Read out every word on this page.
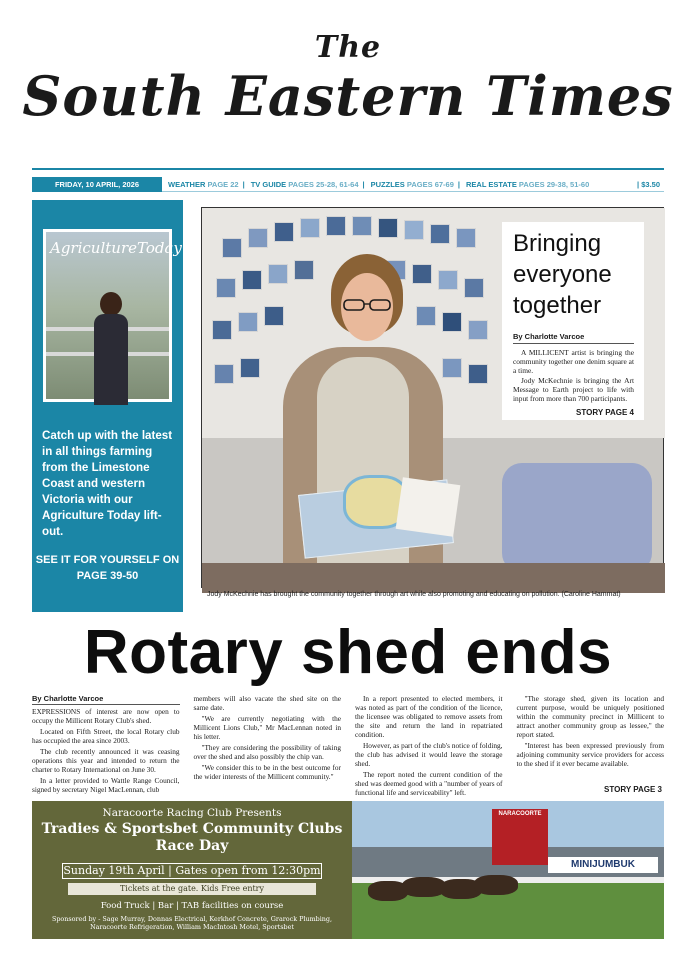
The
South Eastern Times
FRIDAY, 10 APRIL, 2026	WEATHER PAGE 22 | TV GUIDE PAGES 25-28, 61-64 | PUZZLES PAGES 67-69 | REAL ESTATE PAGES 29-38, 51-60	| $3.50
AgricultureToday
Catch up with the latest in all things farming from the Limestone Coast and western Victoria with our Agriculture Today lift-out.
SEE IT FOR YOURSELF ON PAGE 39-50
Bringing everyone together
By Charlotte Varcoe

A MILLICENT artist is bringing the community together one denim square at a time.

Jody McKechnie is bringing the Art Message to Earth project to life with input from more than 700 participants.

STORY PAGE 4
Jody McKechnie has brought the community together through art while also promoting and educating on pollution. (Caroline Hammat)
Rotary shed ends
By Charlotte Varcoe

EXPRESSIONS of interest are now open to occupy the Millicent Rotary Club's shed.

Located on Fifth Street, the local Rotary club has occupied the area since 2003.

The club recently announced it was ceasing operations this year and intended to return the charter to Rotary International on June 30.

In a letter provided to Wattle Range Council, signed by secretary Nigel MacLennan, club

members will also vacate the shed site on the same date.

"We are currently negotiating with the Millicent Lions Club," Mr MacLennan noted in his letter.

"They are considering the possibility of taking over the shed and also possibly the chip van.

"We consider this to be in the best outcome for the wider interests of the Millicent community."

In a report presented to elected members, it was noted as part of the condition of the licence, the licensee was obligated to remove assets from the site and return the land in repatriated condition.

However, as part of the club's notice of folding, the club has advised it would leave the storage shed.

The report noted the current condition of the shed was deemed good with a "number of years of functional life and serviceability" left.

"The storage shed, given its location and current purpose, would be uniquely positioned within the community precinct in Millicent to attract another community group as lessee," the report stated.

"Interest has been expressed previously from adjoining community service providers for access to the shed if it ever became available.

STORY PAGE 3
Naracoorte Racing Club Presents
Tradies & Sportsbet Community Clubs Race Day
Sunday 19th April | Gates open from 12:30pm
Tickets at the gate. Kids Free entry
Food Truck | Bar | TAB facilities on course
Sponsored by - Sage Murray, Donnas Electrical, Kerkhof Concrete, Grarock Plumbing, Naracoorte Refrigeration, William MacIntosh Motel, Sportsbet
NARACOORTE
MINIJUMBUK
